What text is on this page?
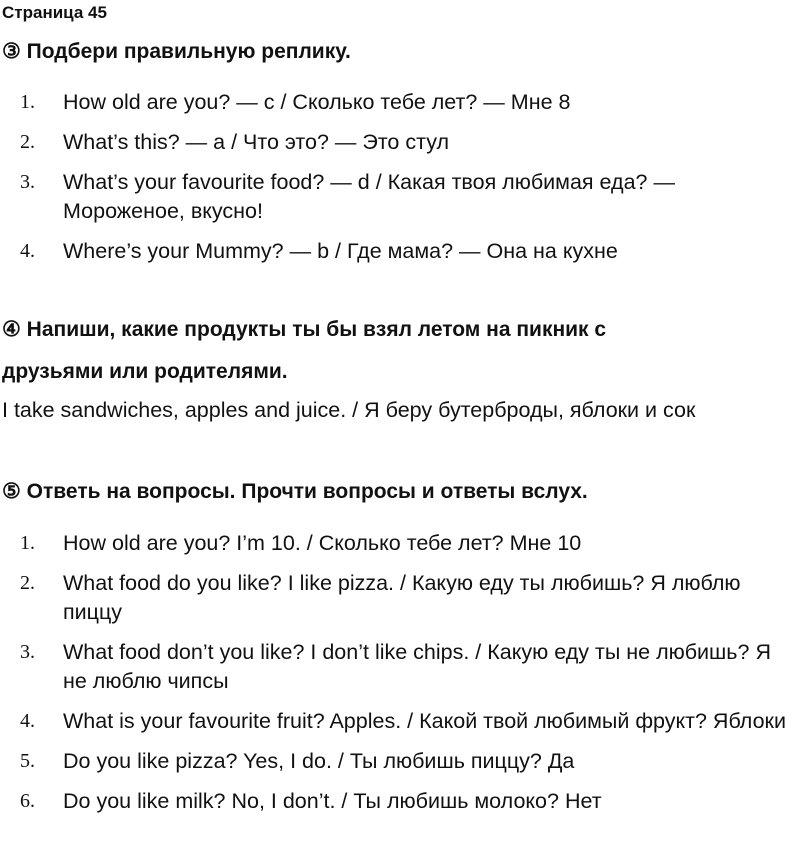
Страница 45
③ Подбери правильную реплику.
1.	How old are you? — c / Сколько тебе лет? — Мне 8
2.	What’s this? — a / Что это? — Это стул
3.	What’s your favourite food? — d / Какая твоя любимая еда? — Мороженое, вкусно!
4.	Where’s your Mummy? — b / Где мама? — Она на кухне
④ Напиши, какие продукты ты бы взял летом на пикник с друзьями или родителями.
I take sandwiches, apples and juice. / Я беру бутерброды, яблоки и сок
⑤ Ответь на вопросы. Прочти вопросы и ответы вслух.
1.	How old are you? I’m 10. / Сколько тебе лет? Мне 10
2.	What food do you like? I like pizza. / Какую еду ты любишь? Я люблю пиццу
3.	What food don’t you like? I don’t like chips. / Какую еду ты не любишь? Я не люблю чипсы
4.	What is your favourite fruit? Apples. / Какой твой любимый фрукт? Яблоки
5.	Do you like pizza? Yes, I do. / Ты любишь пиццу? Да
6.	Do you like milk? No, I don’t. / Ты любишь молоко? Нет
